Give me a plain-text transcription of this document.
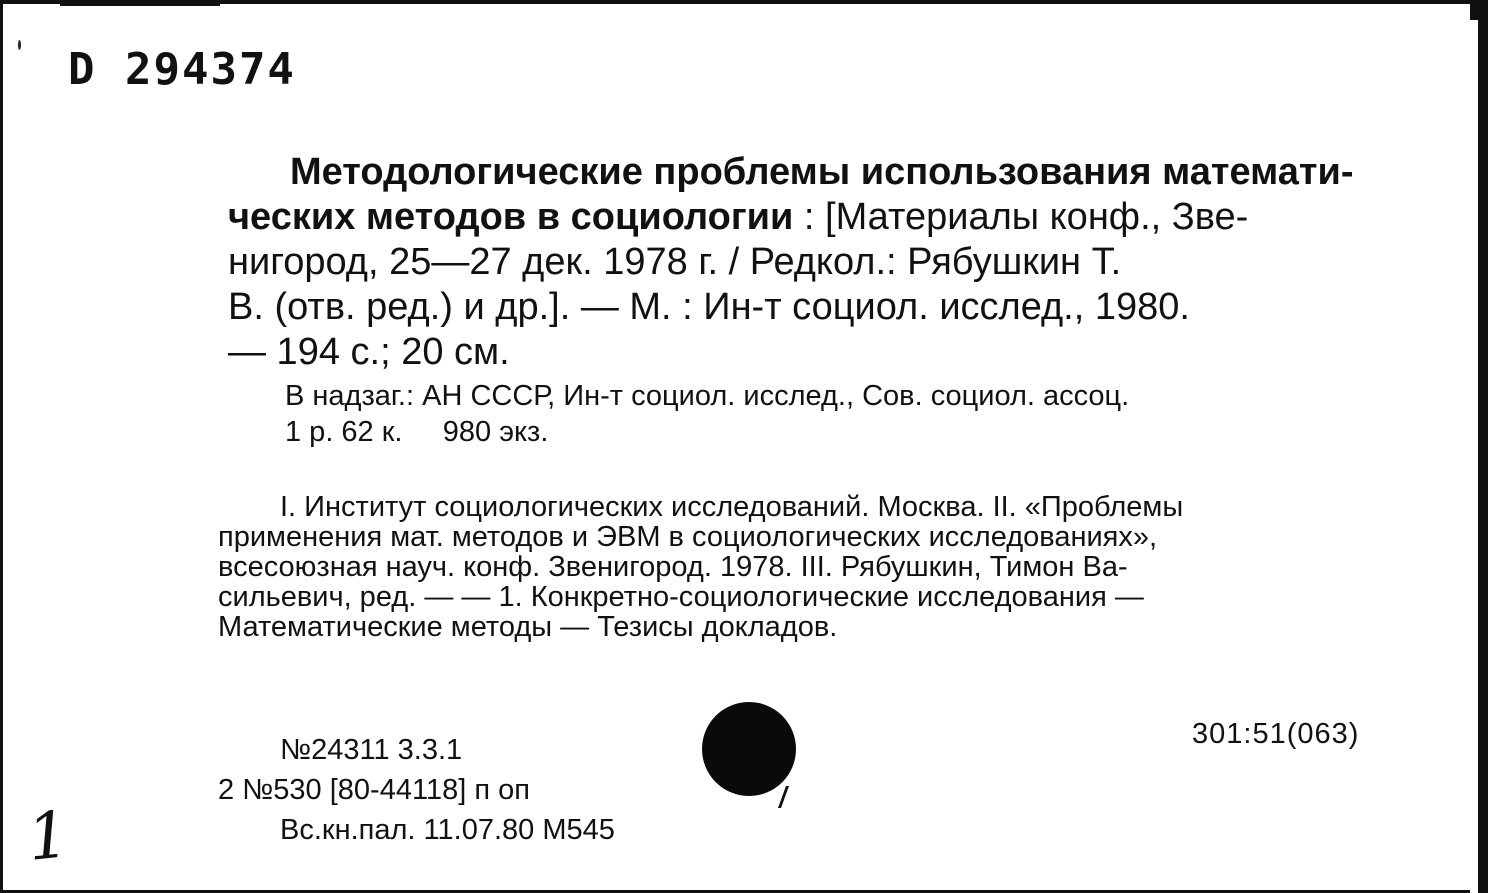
D 294374
Методологические проблемы использования математи-
ческих методов в социологии : [Материалы конф., Зве-
нигород, 25—27 дек. 1978 г. / Редкол.: Рябушкин Т.
В. (отв. ред.) и др.]. — М. : Ин-т социол. исслед., 1980.
— 194 с.; 20 см.
В надзаг.: АН СССР, Ин-т социол. исслед., Сов. социол. ассоц.
1 р. 62 к.     980 экз.
I. Институт социологических исследований. Москва. II. «Проблемы
применения мат. методов и ЭВМ в социологических исследованиях»,
всесоюзная науч. конф. Звенигород. 1978. III. Рябушкин, Тимон Ва-
сильевич, ред. — — 1. Конкретно-социологические исследования —
Математические методы — Тезисы докладов.
301:51(063)
№24311 3.3.1
2 №530 [80-44118] п оп
Вс.кн.пал. 11.07.80 М545
1
